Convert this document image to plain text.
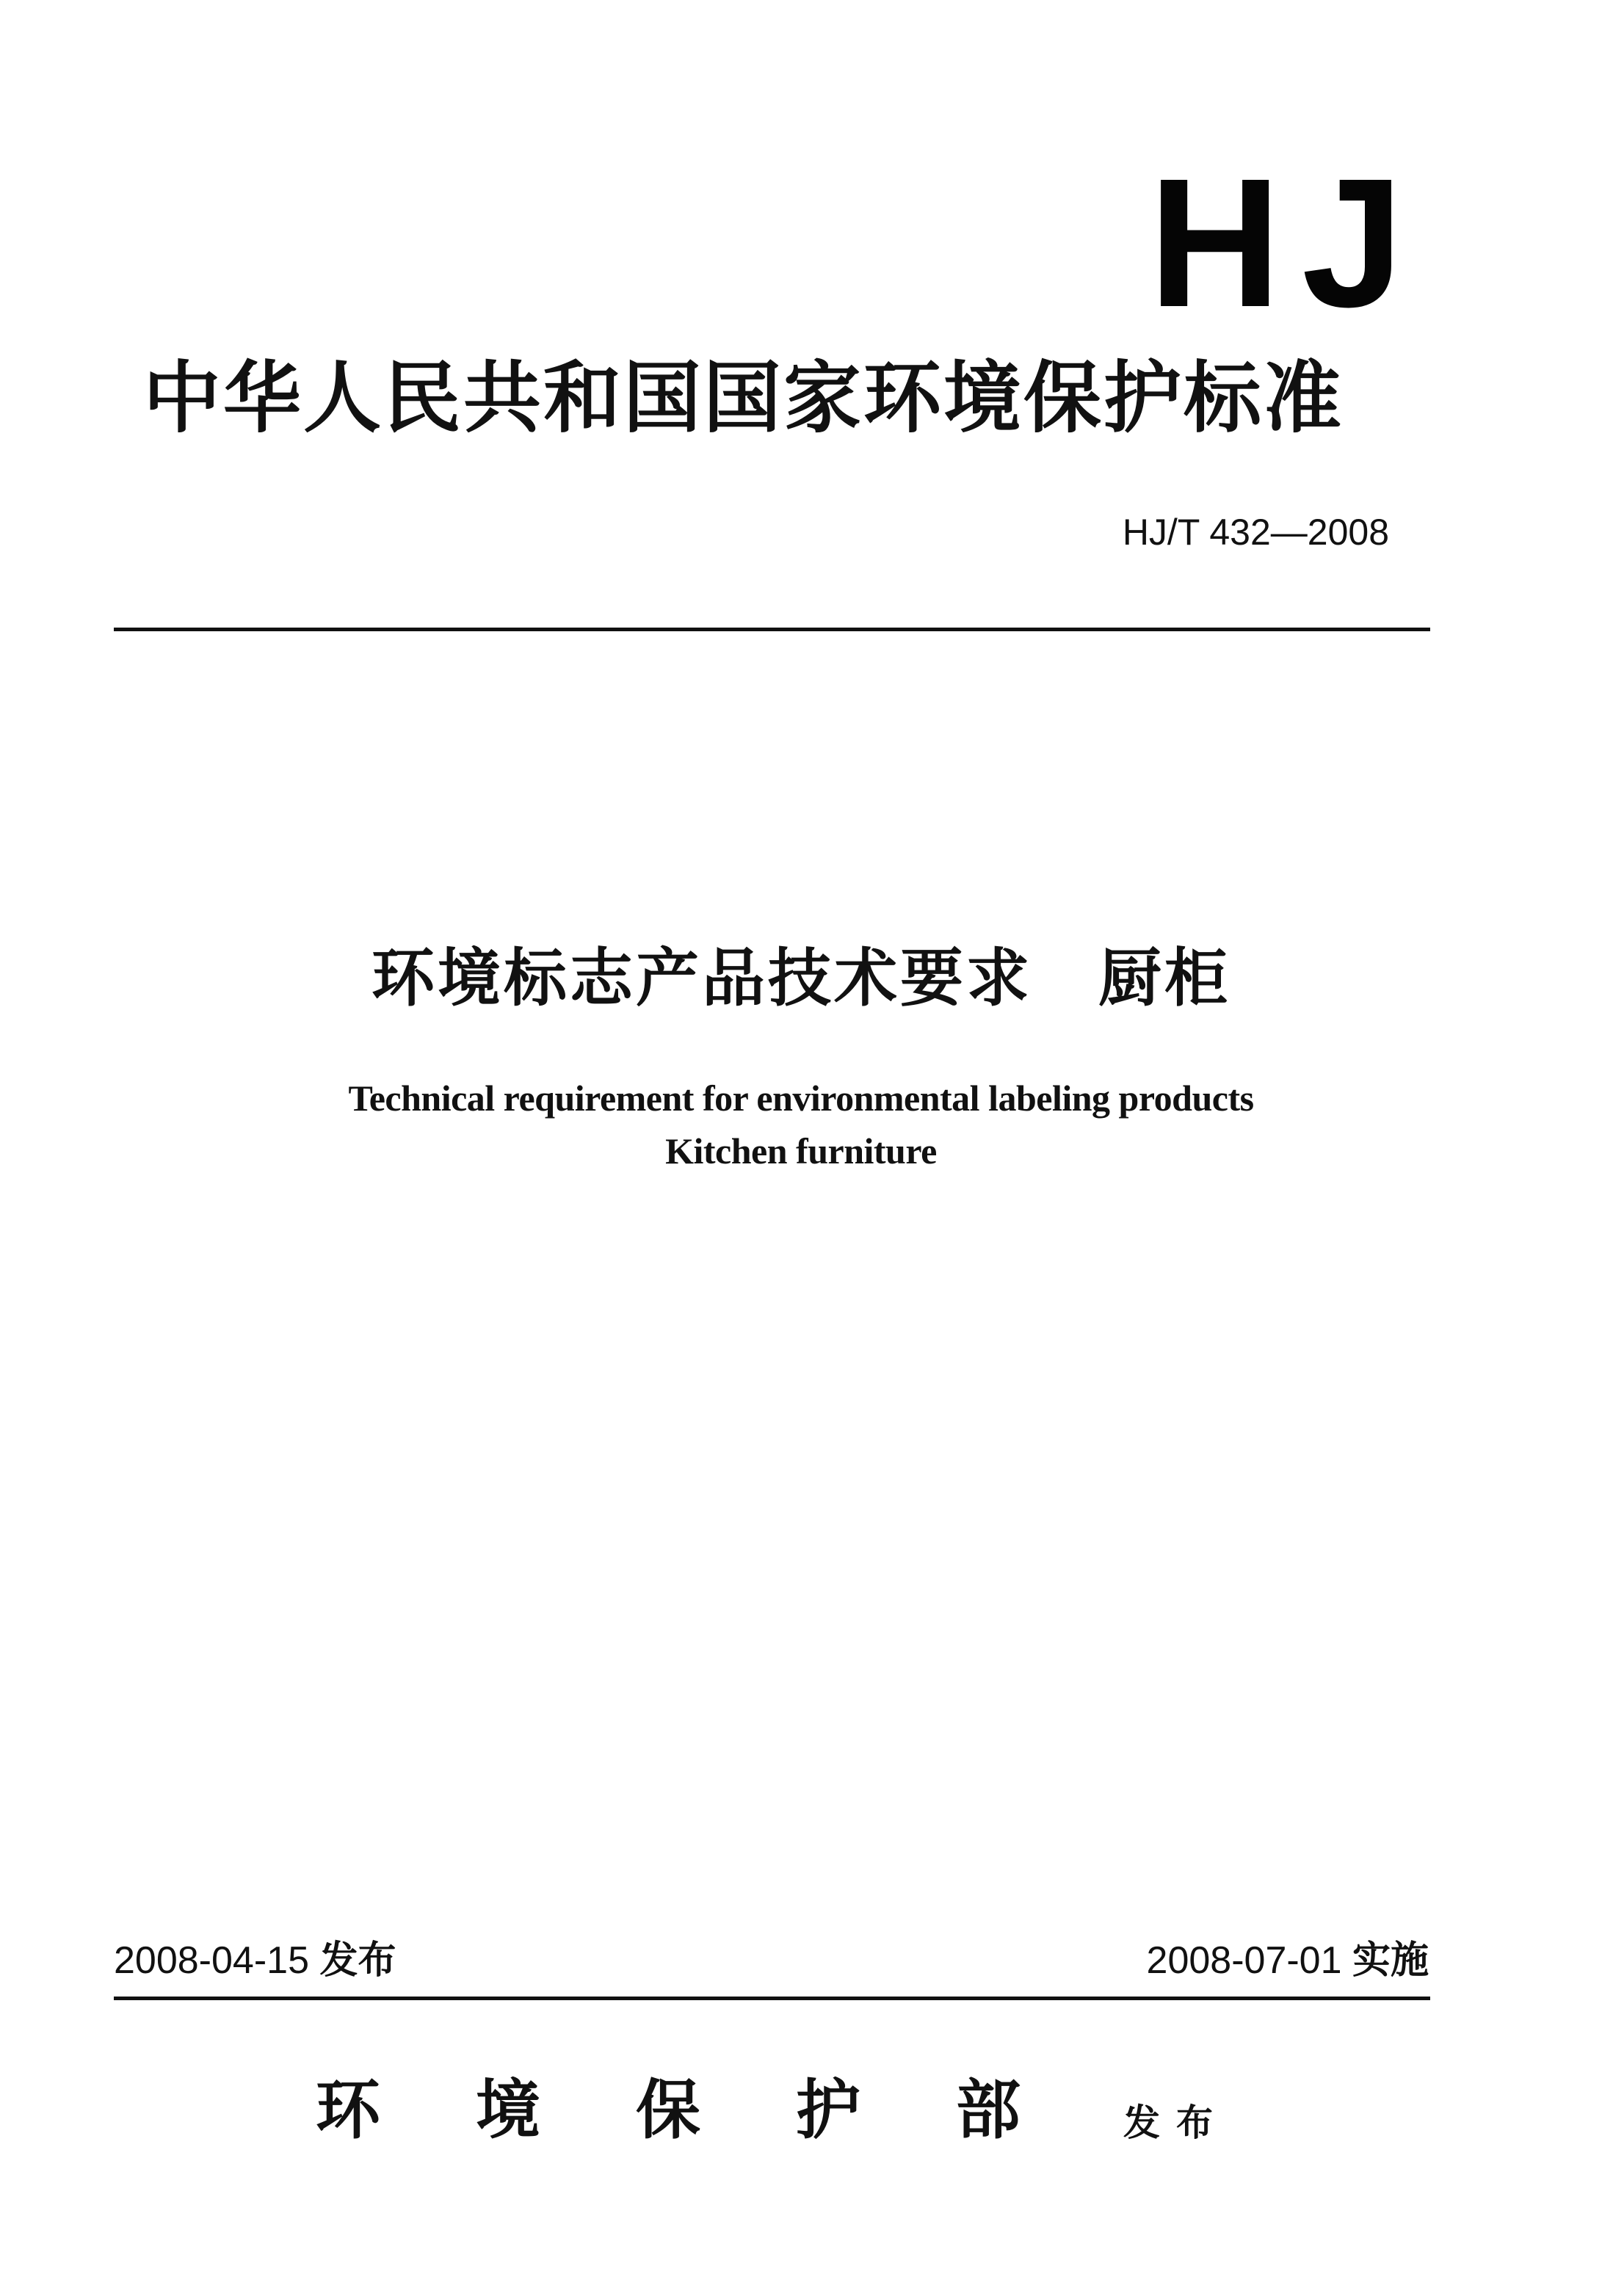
HJ
中华人民共和国国家环境保护标准
HJ/T 432—2008
环境标志产品技术要求　厨柜
Technical requirement for environmental labeling products
Kitchen furniture
2008-04-15 发布	2008-07-01 实施
环境保护部 发布
